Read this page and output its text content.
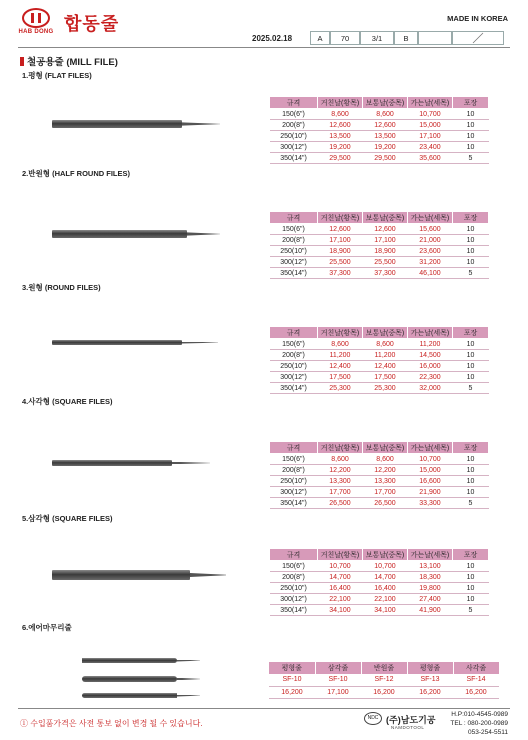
HAB DONG 합동줄	MADE IN KOREA
2025.02.18	A	70	3/1	B
철공용줄 (MILL FILE)
1.평형 (FLAT FILES)
규격	거친날(황목)	보통날(중목)	가는날(세목)	포장
150(6")	8,600	8,600	10,700	10
200(8")	12,600	12,600	15,000	10
250(10")	13,500	13,500	17,100	10
300(12")	19,200	19,200	23,400	10
350(14")	29,500	29,500	35,600	5
2.반원형 (HALF ROUND FILES)
규격	거친날(황목)	보통날(중목)	가는날(세목)	포장
150(6")	12,600	12,600	15,600	10
200(8")	17,100	17,100	21,000	10
250(10")	18,900	18,900	23,600	10
300(12")	25,500	25,500	31,200	10
350(14")	37,300	37,300	46,100	5
3.원형 (ROUND FILES)
규격	거친날(황목)	보통날(중목)	가는날(세목)	포장
150(6")	8,600	8,600	11,200	10
200(8")	11,200	11,200	14,500	10
250(10")	12,400	12,400	16,000	10
300(12")	17,500	17,500	22,300	10
350(14")	25,300	25,300	32,000	5
4.사각형 (SQUARE FILES)
규격	거친날(황목)	보통날(중목)	가는날(세목)	포장
150(6")	8,600	8,600	10,700	10
200(8")	12,200	12,200	15,000	10
250(10")	13,300	13,300	16,600	10
300(12")	17,700	17,700	21,900	10
350(14")	26,500	26,500	33,300	5
5.삼각형 (SQUARE FILES)
규격	거친날(황목)	보통날(중목)	가는날(세목)	포장
150(6")	10,700	10,700	13,100	10
200(8")	14,700	14,700	18,300	10
250(10")	16,400	16,400	19,800	10
300(12")	22,100	22,100	27,400	10
350(14")	34,100	34,100	41,900	5
6.에어마무리줄
평형줄	삼각줄	반원줄	평형줄	사각줄
SF-10	SF-10	SF-12	SF-13	SF-14
16,200	17,100	16,200	16,200	16,200
① 수입품가격은 사전 통보 없이 변경 될 수 있습니다.
NDC (주)남도기공
NAMDOTOOL
H.P:010-4545-0989
TEL : 080-200-0989
053-254-5511
